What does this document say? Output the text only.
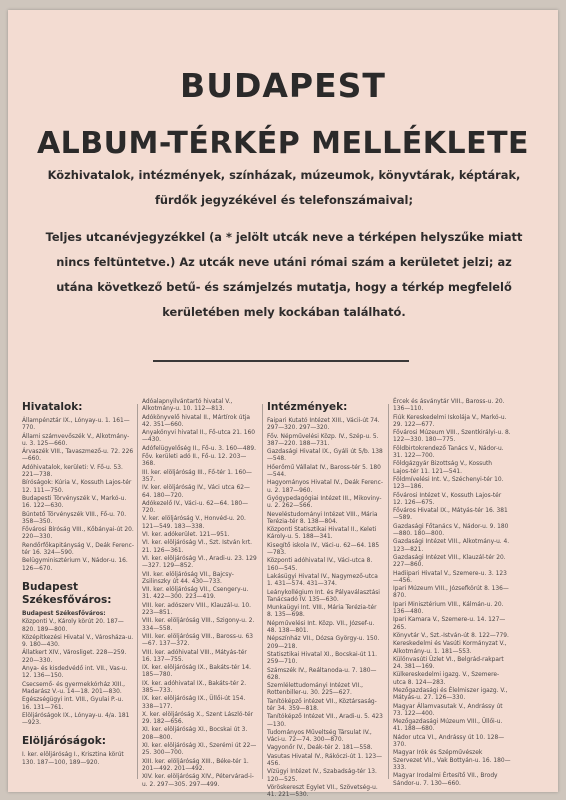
BUDAPEST
ALBUM-TÉRKÉP MELLÉKLETE
Közhivatalok, intézmények, színházak, múzeumok, könyvtárak, képtárak, fürdők jegyzékével és telefonszámaival;
Teljes utcanévjegyzékkel (a * jelölt utcák neve a térképen helyszűke miatt nincs feltüntetve.) Az utcák neve utáni római szám a kerületet jelzi; az utána következő betű- és számjelzés mutatja, hogy a térkép megfelelő kerületében mely kockában található.
Hivatalok:

Állampénztár IX., Lónyay-u. 1. 161—770.

Állami számvevőszék V., Alkotmány-u. 3. 125—660.

Árvaszék VIII., Tavaszmező-u. 72. 226—660.

Adóhivatalok, kerületi: V. Fő-u. 53. 221—738.

Bíróságok: Kúria V., Kossuth Lajos-tér 12. 111—750.

Budapesti Törvényszék V., Markó-u. 16. 122—630.

Büntető Törvényszék VIII., Fő-u. 70. 358—350.

Fővárosi Bíróság VIII., Kőbányai-út 20. 220—330.

Rendőrfőkapitányság V., Deák Ferenc-tér 16. 324—590.

Belügyminisztérium V., Nádor-u. 16. 126—670.

Budapest Székesfőváros:

Budapest Székesfőváros:

Központi V., Károly körút 20. 187—820. 189—800.

Középítkezési Hivatal V., Városháza-u. 9. 180—430.

Állatkert XIV., Városliget. 228—259. 220—330.

Anya- és kisdedvédő int. VII., Vas-u. 12. 136—150.

Csecsemő- és gyermekkórház XIII., Madarász V.-u. 14—18. 201—830.

Egészségügyi int. VIII., Gyulai P.-u. 16. 131—761.

Elöljáróságok IX., Lónyay-u. 4/a. 181—923.

Elöljáróságok:

I. ker. elöljáróság I., Krisztina körút 130. 187—100, 189—920.

Adóalapnyilvántartó hivatal V., Alkotmány-u. 10. 112—813.

Adókönyvelő hivatal II., Mártírok útja 42. 351—660.

Anyakönyvi hivatal II., Fő-utca 21. 160—430.

Adófelügyelőség II., Fő-u. 3. 160—489.

Főv. kerületi adó II., Fő-u. 12. 203—368.

III. ker. elöljáróság III., Fő-tér 1. 160—357.

IV. ker. elöljáróság IV., Váci utca 62—64. 180—720.

Adókezelő IV., Váci-u. 62—64. 180—720.

V. ker. elöljáróság V., Honvéd-u. 20. 121—549. 183—338.

VI. ker. adókerület. 121—951.

VI. ker. elöljáróság VI., Szt. István krt. 21. 126—361.

VI. ker. elöljáróság VI., Aradi-u. 23. 129—327. 129—852.

VII. ker. elöljáróság VII., Bajcsy-Zsilinszky út 44. 430—733.

VII. ker. elöljáróság VII., Csengery-u. 31. 422—300. 223—419.

VIII. ker. adószerv VIII., Klauzál-u. 10. 223—851.

VIII. ker. elöljáróság VIII., Szigony-u. 2. 334—558.

VIII. ker. elöljáróság VIII., Baross-u. 63—67. 137—372.

VIII. ker. adóhivatal VIII., Mátyás-tér 16. 137—755.

IX. ker. elöljáróság IX., Bakáts-tér 14. 185—780.

IX. ker. adóhivatal IX., Bakáts-tér 2. 385—733.

IX. ker. elöljáróság IX., Üllői-út 154. 338—177.

X. ker. elöljáróság X., Szent László-tér 29. 182—656.

XI. ker. elöljáróság XI., Bocskai út 3. 208—800.

XI. ker. elöljáróság XI., Szerémi út 22—25. 300—700.

XIII. ker. elöljáróság XIII., Béke-tér 1. 201—492. 201—492.

XIV. ker. elöljáróság XIV., Pétervárad-i-u. 2. 297—305. 297—499.

Intézmények:

Faipari Kutató Intézet XIII., Vácii-út 74. 297—320. 297—320.

Főv. Népművelési Közp. IV., Szép-u. 5. 387—220. 188—731.

Gazdasági Hivatal IX., Gyáli út 5/b. 138—548.

Hőerőmű Vállalat IV., Baross-tér 5. 180—544.

Hagyományos Hivatal IV., Deák Ferenc-u. 2. 187—960.

Gyógypedagógiai Intézet III., Mikoviny-u. 2. 262—566.

Neveléstudományi Intézet VIII., Mária Terézia-tér 8. 138—804.

Központi Statisztikai Hivatal II., Keleti Károly-u. 5. 188—341.

Kisegítő iskola IV., Váci-u. 62—64. 185—783.

Központi adóhivatal IV., Váci-utca 8. 160—545.

Lakásügyi Hivatal IV., Nagymező-utca 1. 431—574. 431—374.

Leánykollégium Int. és Pályaválasztási Tanácsadó IV. 135—630.

Munkaügyi Int. VIII., Mária Terézia-tér 8. 135—698.

Népművelési Int. Közp. VII., József-u. 48. 138—801.

Népszínház VII., Dózsa György-u. 150. 209—218.

Statisztikai Hivatal XI., Bocskai-út 11. 259—710.

Számszék IV., Reáltanoda-u. 7. 180—628.

Szemlélettudományi Intézet VII., Rottenbiller-u. 30. 225—627.

Tanítóképző intézet VII., Köztársaság-tér 34. 359—818.

Tanítóképző Intézet VII., Aradi-u. 5. 423—130.

Tudományos Műveltség Társulat IV., Váci-u. 72—74. 300—870.

Vagyonőr IV., Deák-tér 2. 181—558.

Vasutas Hivatal IV., Rákóczi-út 1. 123—456.

Vízügyi Intézet IV., Szabadság-tér 13. 120—525.

Vöröskereszt Egylet VII., Szövetség-u. 41. 221—530.

Ércek és ásványtár VIII., Baross-u. 20. 136—110.

Fiúk Kereskedelmi Iskolája V., Markó-u. 29. 122—677.

Fővárosi Múzeum VIII., Szentkirályi-u. 8. 122—330. 180—775.

Földbirtokrendező Tanács V., Nádor-u. 31. 122—700.

Földgázgyár Bizottság V., Kossuth Lajos-tér 11. 121—541.

Földmívelési Int. V., Széchenyi-tér 10. 123—186.

Fővárosi Intézet V., Kossuth Lajos-tér 12. 126—675.

Főváros Hivatal IX., Mátyás-tér 16. 381—589.

Gazdasági Főtanács V., Nádor-u. 9. 180—880. 180—800.

Gazdasági Intézet VIII., Alkotmány-u. 4. 123—821.

Gazdasági Intézet VIII., Klauzál-tér 20. 227—860.

Hadiipari Hivatal V., Szemere-u. 3. 123—456.

Ipari Múzeum VIII., Józsefkörút 8. 136—870.

Ipari Minisztérium VIII., Kálmán-u. 20. 136—480.

Ipari Kamara V., Szemere-u. 14. 127—265.

Könyvtár V., Szt.-István-út 8. 122—779.

Kereskedelmi és Vasúti Kormányzat V., Alkotmány-u. 1. 181—553.

Különvasúti Üzlet VI., Belgrád-rakpart 24. 381—169.

Külkereskedelmi igazg. V., Szemere-utca 8. 124—283.

Mezőgazdasági és Élelmiszer igazg. V., Mátyás-u. 27. 126—330.

Magyar Államvasutak V., Andrássy út 73. 122—400.

Mezőgazdasági Múzeum VIII., Üllői-u. 41. 188—680.

Nádor utca VI., Andrássy út 10. 128—370.

Magyar Irók és Szépművészek Szervezet VII., Vak Bottyán-u. 16. 180—333.

Magyar Irodalmi Értesítő VII., Brody Sándor-u. 7. 130—660.
